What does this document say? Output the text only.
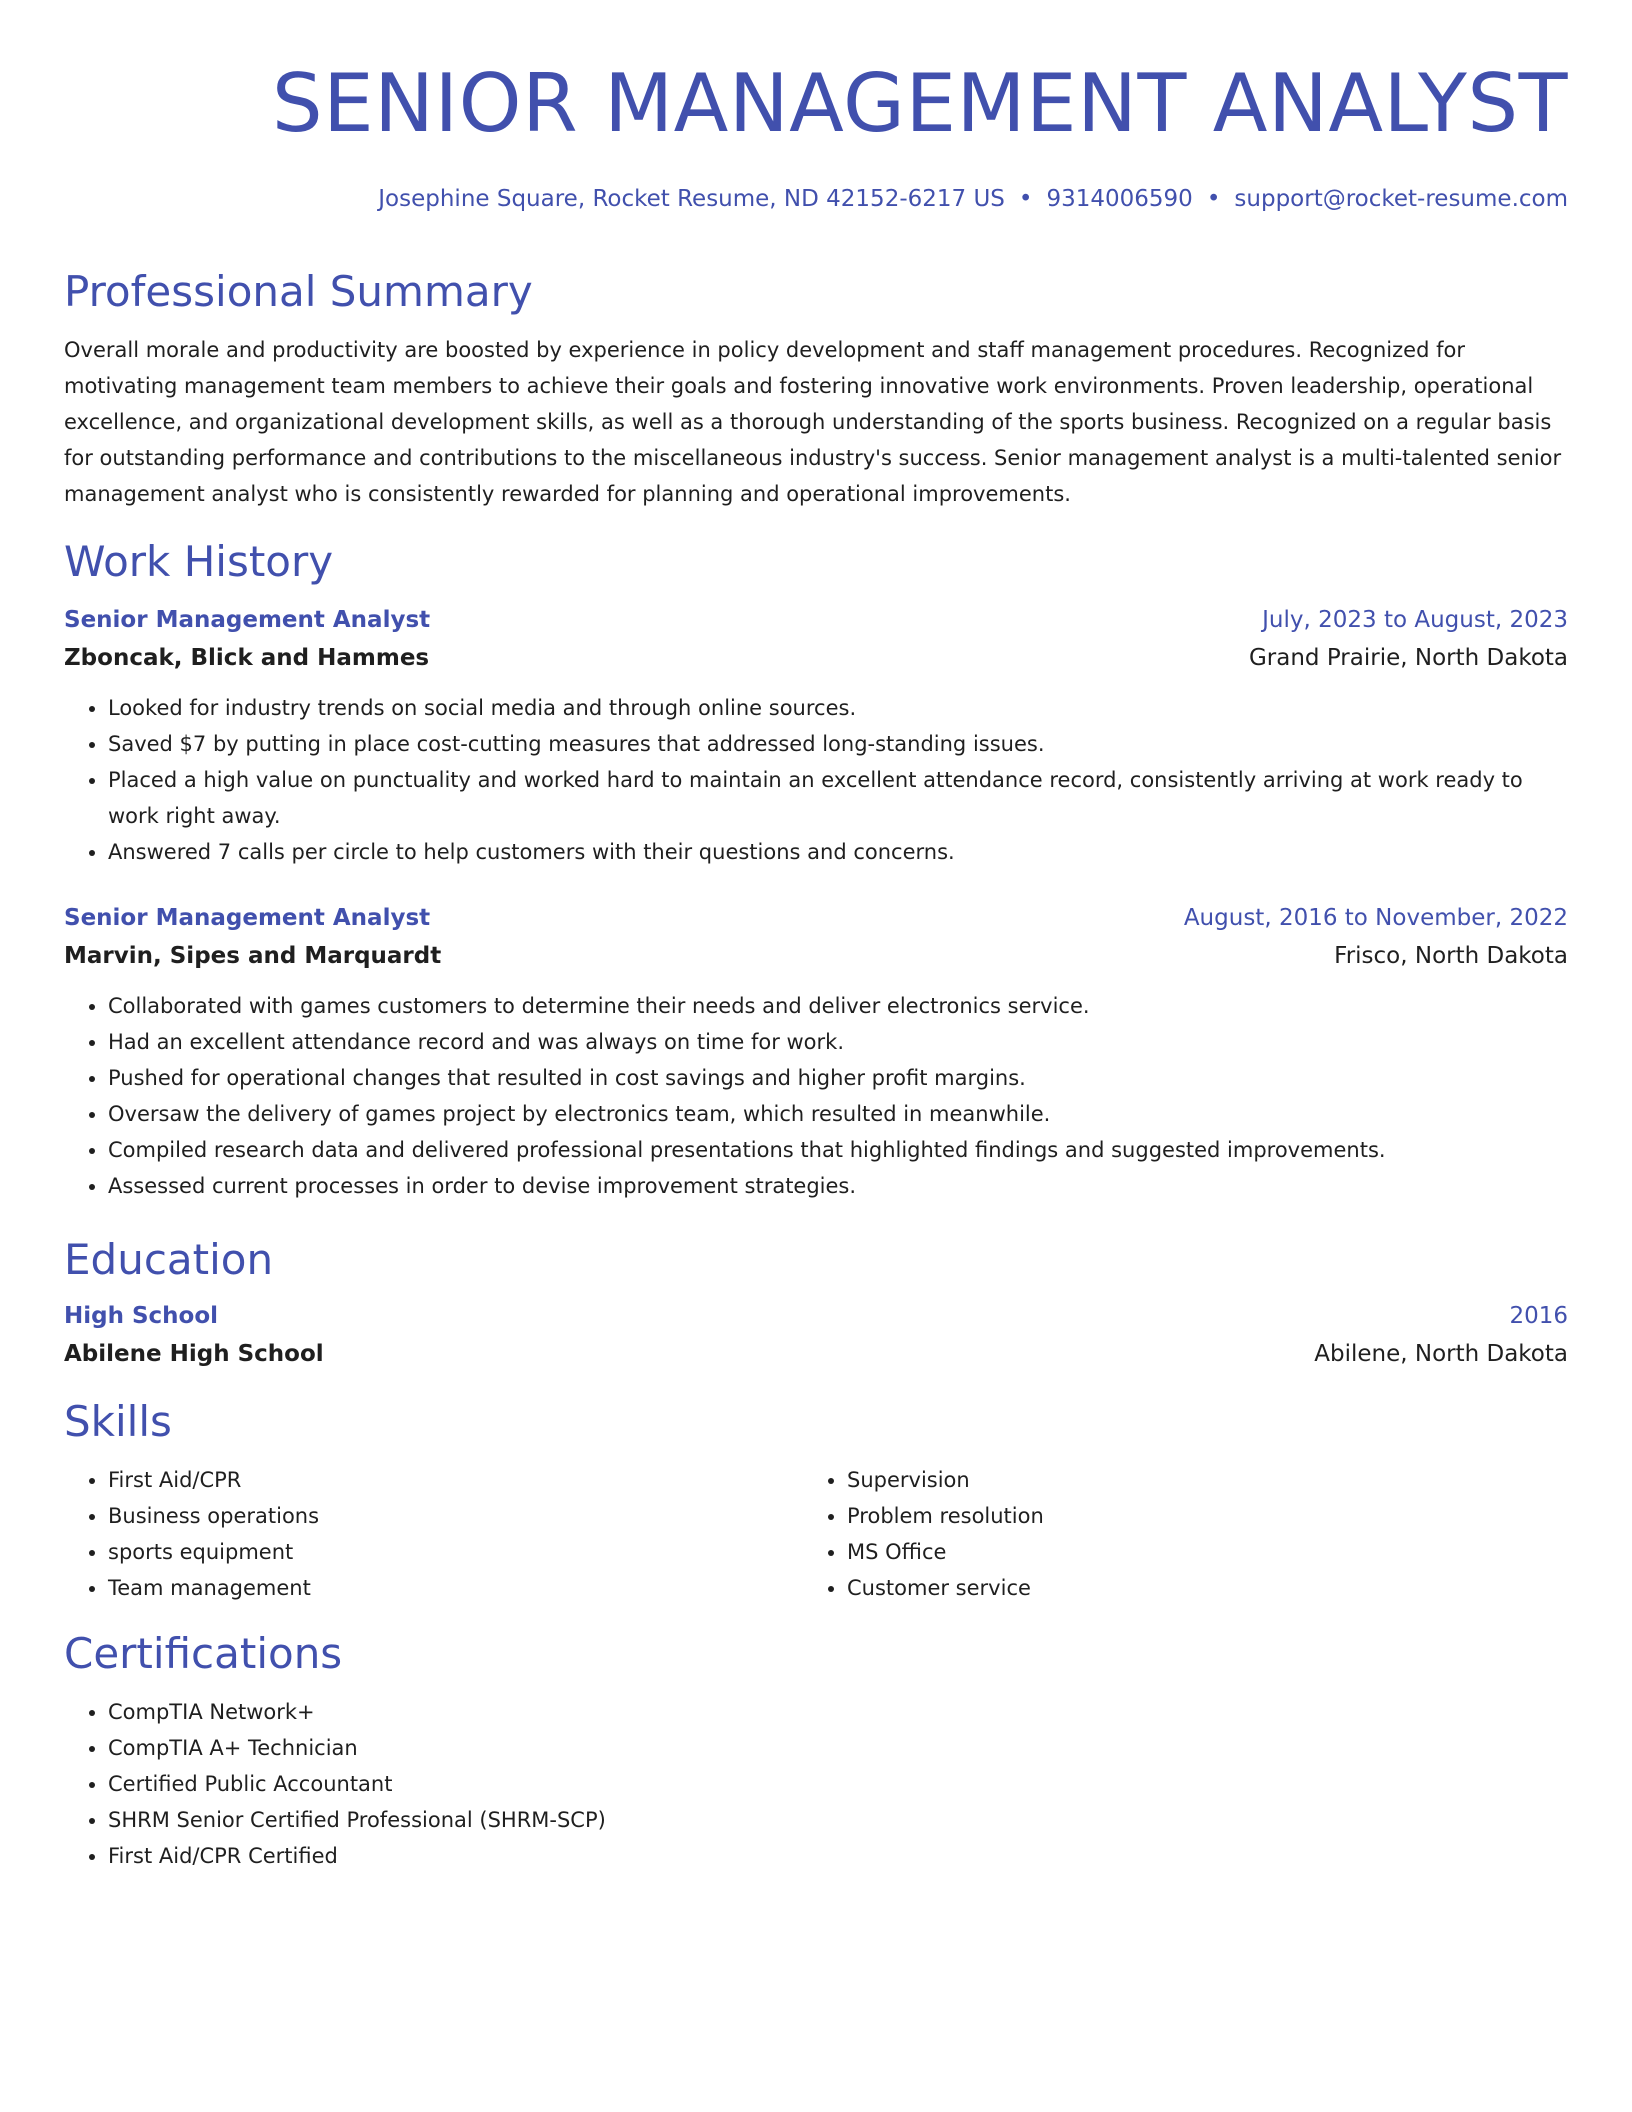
SENIOR MANAGEMENT ANALYST
Josephine Square, Rocket Resume, ND 42152-6217 US • 9314006590 • support@rocket-resume.com
Professional Summary

Overall morale and productivity are boosted by experience in policy development and staff management procedures. Recognized for motivating management team members to achieve their goals and fostering innovative work environments. Proven leadership, operational excellence, and organizational development skills, as well as a thorough understanding of the sports business. Recognized on a regular basis for outstanding performance and contributions to the miscellaneous industry's success. Senior management analyst is a multi-talented senior management analyst who is consistently rewarded for planning and operational improvements.

Work History
Senior Management Analyst	July, 2023 to August, 2023
Zboncak, Blick and Hammes	Grand Prairie, North Dakota
• Looked for industry trends on social media and through online sources.
• Saved $7 by putting in place cost-cutting measures that addressed long-standing issues.
• Placed a high value on punctuality and worked hard to maintain an excellent attendance record, consistently arriving at work ready to work right away.
• Answered 7 calls per circle to help customers with their questions and concerns.
Senior Management Analyst	August, 2016 to November, 2022
Marvin, Sipes and Marquardt	Frisco, North Dakota
• Collaborated with games customers to determine their needs and deliver electronics service.
• Had an excellent attendance record and was always on time for work.
• Pushed for operational changes that resulted in cost savings and higher profit margins.
• Oversaw the delivery of games project by electronics team, which resulted in meanwhile.
• Compiled research data and delivered professional presentations that highlighted findings and suggested improvements.
• Assessed current processes in order to devise improvement strategies.
Education
High School	2016
Abilene High School	Abilene, North Dakota
Skills
• First Aid/CPR
• Business operations
• sports equipment
• Team management
• Supervision
• Problem resolution
• MS Office
• Customer service
Certifications
• CompTIA Network+
• CompTIA A+ Technician
• Certified Public Accountant
• SHRM Senior Certified Professional (SHRM-SCP)
• First Aid/CPR Certified
